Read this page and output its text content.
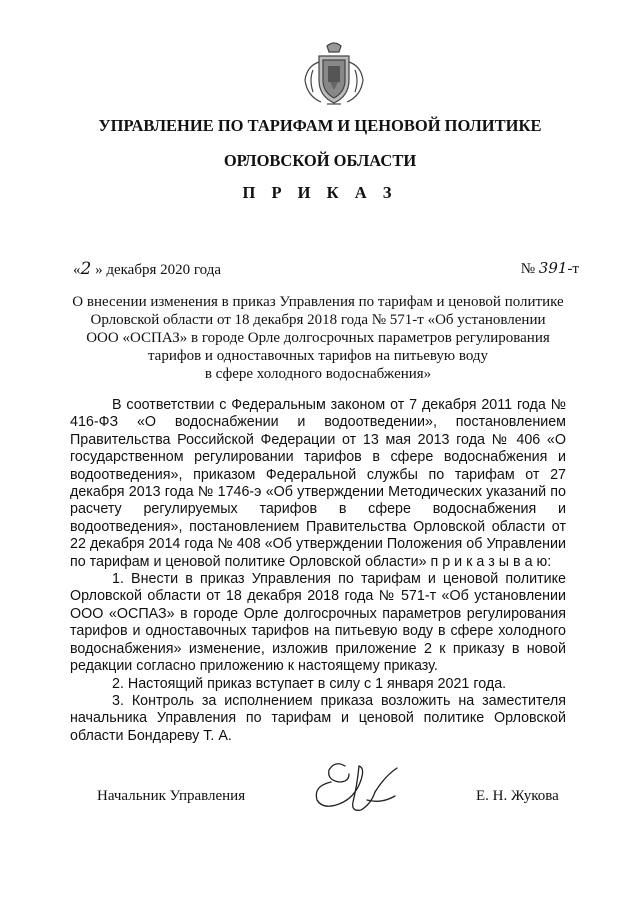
УПРАВЛЕНИЕ ПО ТАРИФАМ И ЦЕНОВОЙ ПОЛИТИКЕ
ОРЛОВСКОЙ ОБЛАСТИ
П Р И К А З
«2 » декабря 2020 года	№ 391-т
О внесении изменения в приказ Управления по тарифам и ценовой политике
Орловской области от 18 декабря 2018 года № 571-т «Об установлении
ООО «ОСПАЗ» в городе Орле долгосрочных параметров регулирования
тарифов и одноставочных тарифов на питьевую воду
в сфере холодного водоснабжения»

В соответствии с Федеральным законом от 7 декабря 2011 года № 416-ФЗ «О водоснабжении и водоотведении», постановлением Правительства Российской Федерации от 13 мая 2013 года № 406 «О государственном регулировании тарифов в сфере водоснабжения и водоотведения», приказом Федеральной службы по тарифам от 27 декабря 2013 года № 1746-э «Об утверждении Методических указаний по расчету регулируемых тарифов в сфере водоснабжения и водоотведения», постановлением Правительства Орловской области от 22 декабря 2014 года № 408 «Об утверждении Положения об Управлении по тарифам и ценовой политике Орловской области» п р и к а з ы в а ю:

1. Внести в приказ Управления по тарифам и ценовой политике Орловской области от 18 декабря 2018 года № 571-т «Об установлении ООО «ОСПАЗ» в городе Орле долгосрочных параметров регулирования тарифов и одноставочных тарифов на питьевую воду в сфере холодного водоснабжения» изменение, изложив приложение 2 к приказу в новой редакции согласно приложению к настоящему приказу.

2. Настоящий приказ вступает в силу с 1 января 2021 года.

3. Контроль за исполнением приказа возложить на заместителя начальника Управления по тарифам и ценовой политике Орловской области Бондареву Т. А.

Начальник Управления	Е. Н. Жукова
